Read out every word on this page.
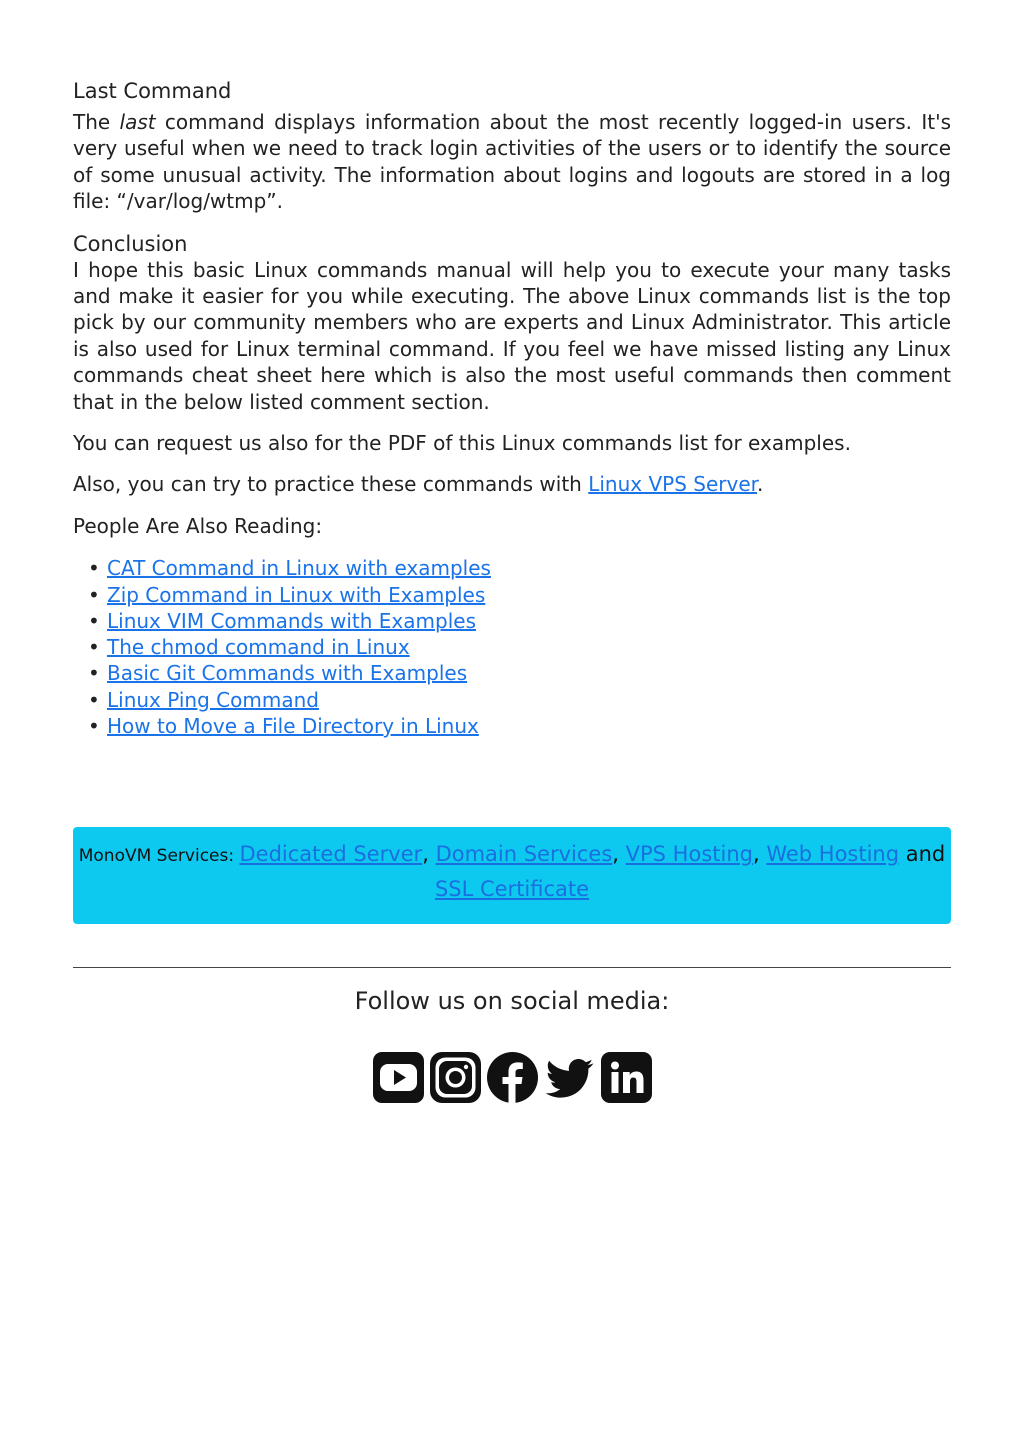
Last Command

The last command displays information about the most recently logged-in users. It's very useful when we need to track login activities of the users or to identify the source of some unusual activity. The information about logins and logouts are stored in a log file: “/var/log/wtmp”.

Conclusion

I hope this basic Linux commands manual will help you to execute your many tasks and make it easier for you while executing. The above Linux commands list is the top pick by our community members who are experts and Linux Administrator. This article is also used for Linux terminal command. If you feel we have missed listing any Linux commands cheat sheet here which is also the most useful commands then comment that in the below listed comment section.

You can request us also for the PDF of this Linux commands list for examples.

Also, you can try to practice these commands with Linux VPS Server.

People Are Also Reading:

• CAT Command in Linux with examples
• Zip Command in Linux with Examples
• Linux VIM Commands with Examples
• The chmod command in Linux
• Basic Git Commands with Examples
• Linux Ping Command
• How to Move a File Directory in Linux
MonoVM Services: Dedicated Server, Domain Services, VPS Hosting, Web Hosting and
SSL Certificate
Follow us on social media:
